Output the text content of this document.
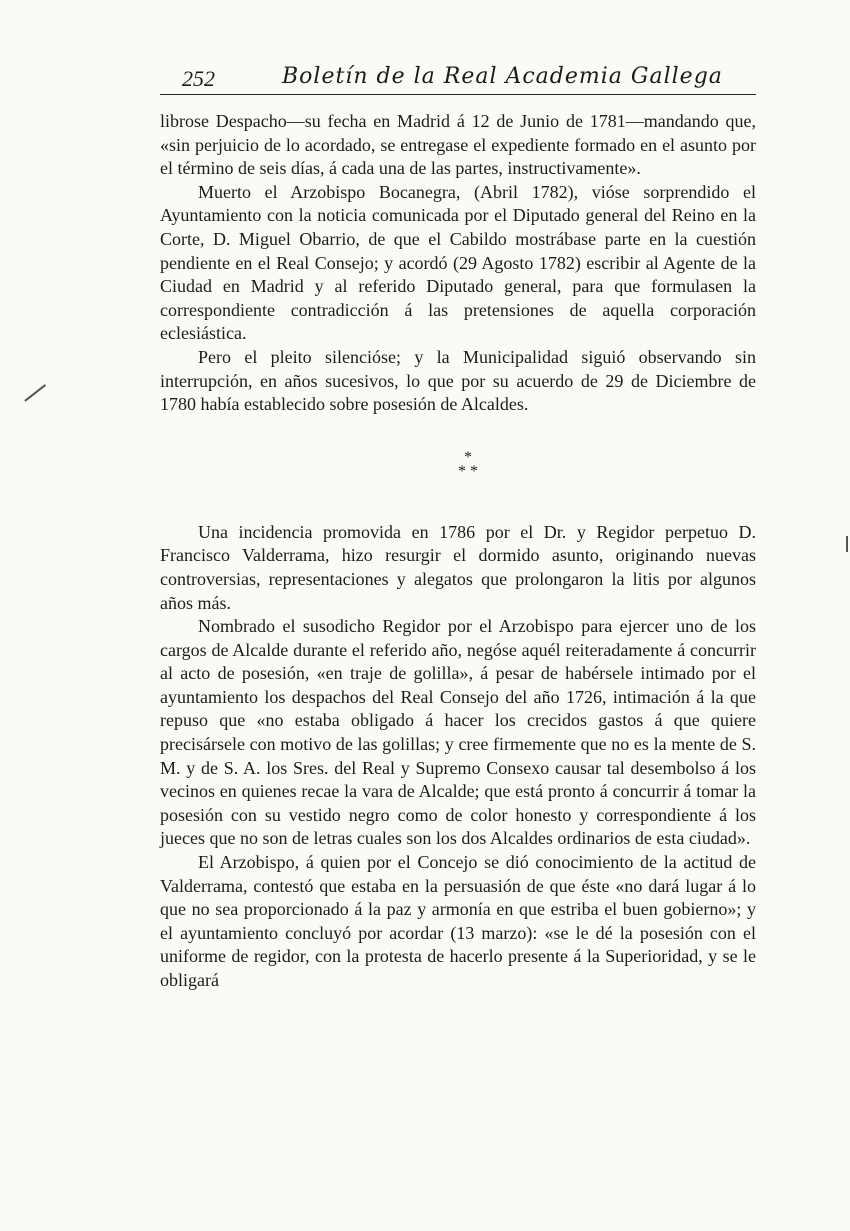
252	Boletín de la Real Academia Gallega

librose Despacho—su fecha en Madrid á 12 de Junio de 1781—mandando que, «sin perjuicio de lo acordado, se entregase el expediente formado en el asunto por el término de seis días, á cada una de las partes, instructivamente».

Muerto el Arzobispo Bocanegra, (Abril 1782), vióse sorprendido el Ayuntamiento con la noticia comunicada por el Diputado general del Reino en la Corte, D. Miguel Obarrio, de que el Cabildo mostrábase parte en la cuestión pendiente en el Real Consejo; y acordó (29 Agosto 1782) escribir al Agente de la Ciudad en Madrid y al referido Diputado general, para que formulasen la correspondiente contradicción á las pretensiones de aquella corporación eclesiástica.

Pero el pleito silencióse; y la Municipalidad siguió observando sin interrupción, en años sucesivos, lo que por su acuerdo de 29 de Diciembre de 1780 había establecido sobre posesión de Alcaldes.

*
* *

Una incidencia promovida en 1786 por el Dr. y Regidor perpetuo D. Francisco Valderrama, hizo resurgir el dormido asunto, originando nuevas controversias, representaciones y alegatos que prolongaron la litis por algunos años más.

Nombrado el susodicho Regidor por el Arzobispo para ejercer uno de los cargos de Alcalde durante el referido año, negóse aquél reiteradamente á concurrir al acto de posesión, «en traje de golilla», á pesar de habérsele intimado por el ayuntamiento los despachos del Real Consejo del año 1726, intimación á la que repuso que «no estaba obligado á hacer los crecidos gastos á que quiere precisársele con motivo de las golillas; y cree firmemente que no es la mente de S. M. y de S. A. los Sres. del Real y Supremo Consexo causar tal desembolso á los vecinos en quienes recae la vara de Alcalde; que está pronto á concurrir á tomar la posesión con su vestido negro como de color honesto y correspondiente á los jueces que no son de letras cuales son los dos Alcaldes ordinarios de esta ciudad».

El Arzobispo, á quien por el Concejo se dió conocimiento de la actitud de Valderrama, contestó que estaba en la persuasión de que éste «no dará lugar á lo que no sea proporcionado á la paz y armonía en que estriba el buen gobierno»; y el ayuntamiento concluyó por acordar (13 marzo): «se le dé la posesión con el uniforme de regidor, con la protesta de hacerlo presente á la Superioridad, y se le obligará
